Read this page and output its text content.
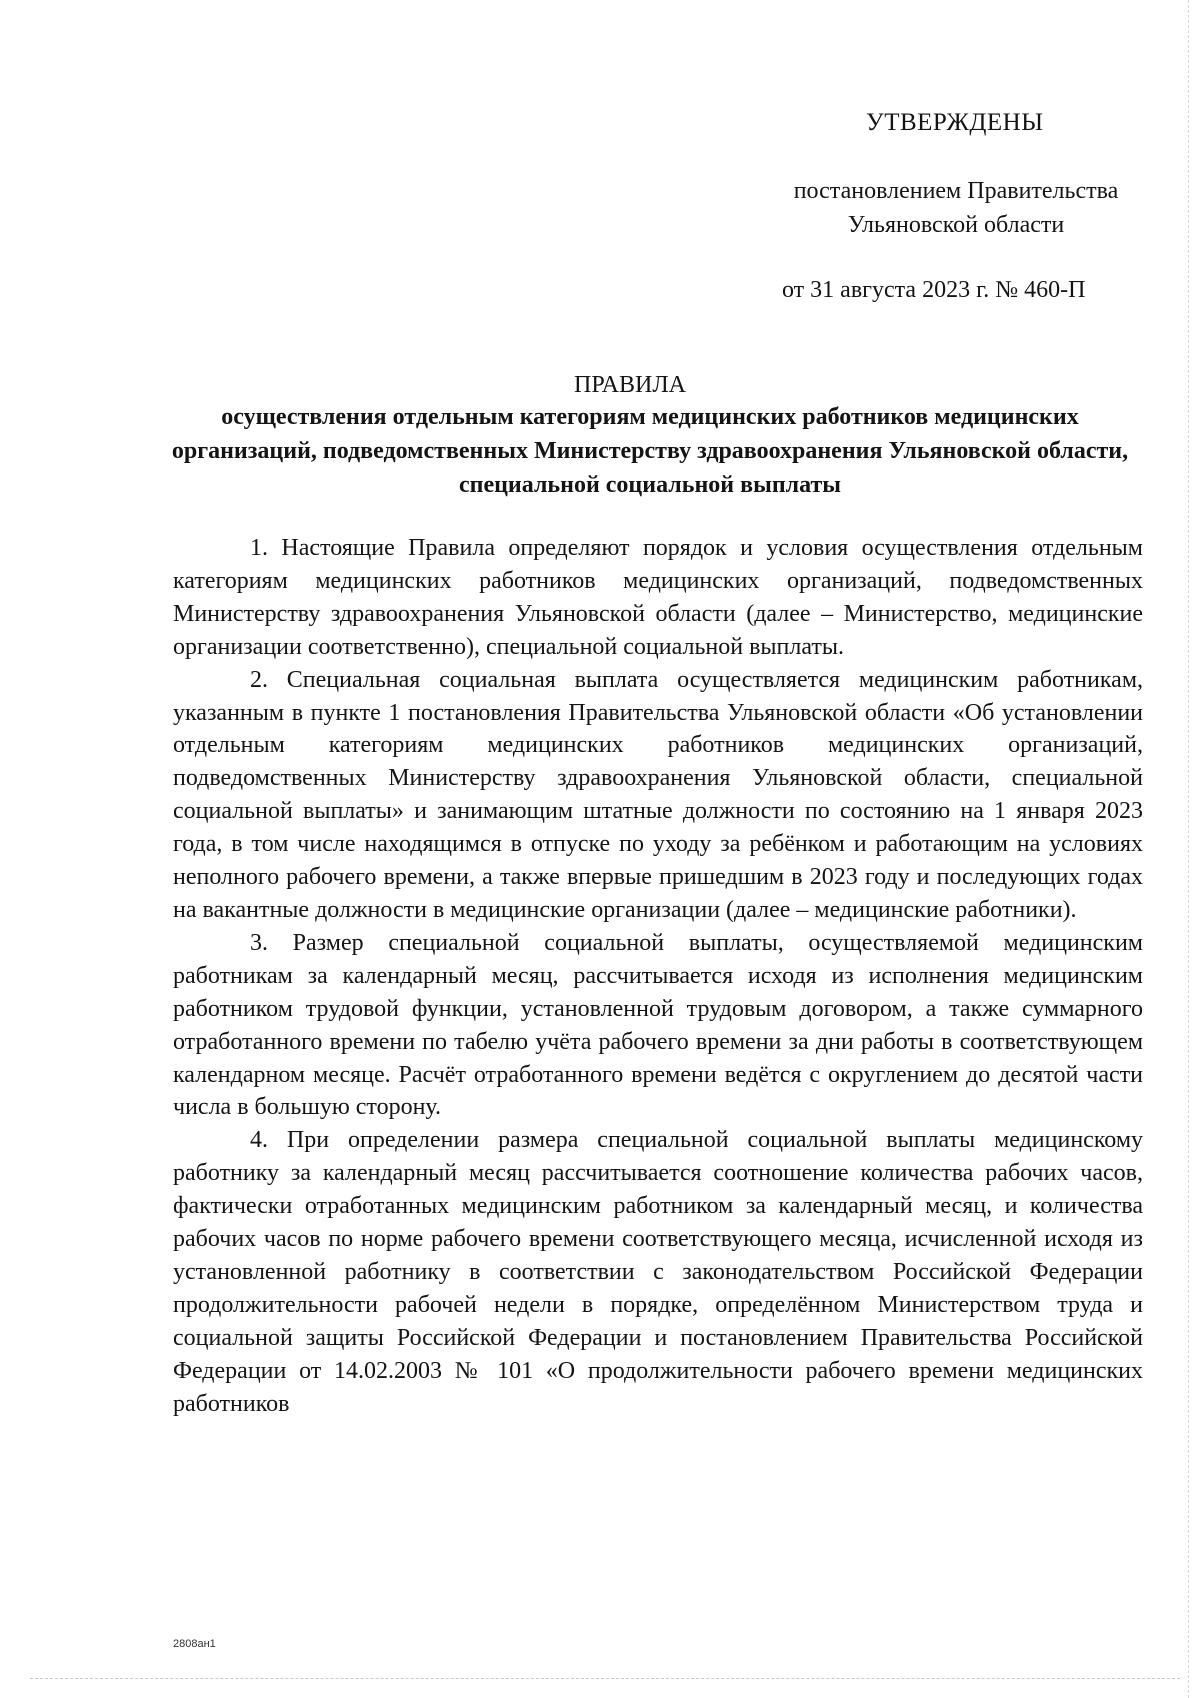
УТВЕРЖДЕНЫ
постановлением Правительства Ульяновской области
от 31 августа 2023 г. № 460-П
ПРАВИЛА
осуществления отдельным категориям медицинских работников медицинских организаций, подведомственных Министерству здравоохранения Ульяновской области, специальной социальной выплаты

1. Настоящие Правила определяют порядок и условия осуществления отдельным категориям медицинских работников медицинских организаций, подведомственных Министерству здравоохранения Ульяновской области (далее – Министерство, медицинские организации соответственно), специальной социальной выплаты.

2. Специальная социальная выплата осуществляется медицинским работникам, указанным в пункте 1 постановления Правительства Ульяновской области «Об установлении отдельным категориям медицинских работников медицинских организаций, подведомственных Министерству здравоохранения Ульяновской области, специальной социальной выплаты» и занимающим штатные должности по состоянию на 1 января 2023 года, в том числе находящимся в отпуске по уходу за ребёнком и работающим на условиях неполного рабочего времени, а также впервые пришедшим в 2023 году и последующих годах на вакантные должности в медицинские организации (далее – медицинские работники).

3. Размер специальной социальной выплаты, осуществляемой медицинским работникам за календарный месяц, рассчитывается исходя из исполнения медицинским работником трудовой функции, установленной трудовым договором, а также суммарного отработанного времени по табелю учёта рабочего времени за дни работы в соответствующем календарном месяце. Расчёт отработанного времени ведётся с округлением до десятой части числа в большую сторону.

4. При определении размера специальной социальной выплаты медицинскому работнику за календарный месяц рассчитывается соотношение количества рабочих часов, фактически отработанных медицинским работником за календарный месяц, и количества рабочих часов по норме рабочего времени соответствующего месяца, исчисленной исходя из установленной работнику в соответствии с законодательством Российской Федерации продолжительности рабочей недели в порядке, определённом Министерством труда и социальной защиты Российской Федерации и постановлением Правительства Российской Федерации от 14.02.2003 № 101 «О продолжительности рабочего времени медицинских работников

2808ан1
